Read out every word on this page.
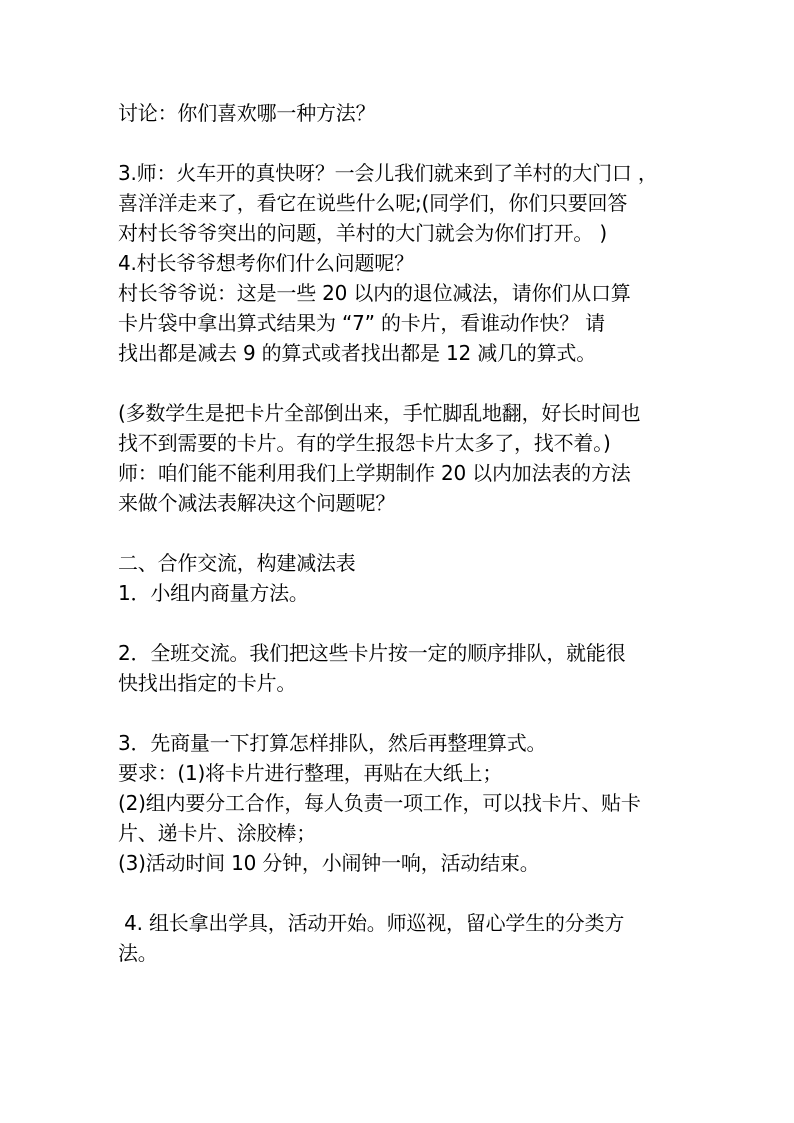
讨论：你们喜欢哪一种方法？
3.师：火车开的真快呀？一会儿我们就来到了羊村的大门口 ，
喜洋洋走来了，看它在说些什么呢;(同学们，你们只要回答
对村长爷爷突出的问题，羊村的大门就会为你们打开。 )
4.村长爷爷想考你们什么问题呢？
村长爷爷说：这是一些 20 以内的退位减法，请你们从口算
卡片袋中拿出算式结果为 “7” 的卡片，看谁动作快？ 请
找出都是减去 9 的算式或者找出都是 12 减几的算式。
(多数学生是把卡片全部倒出来，手忙脚乱地翻，好长时间也
找不到需要的卡片。有的学生报怨卡片太多了，找不着。)
师：咱们能不能利用我们上学期制作 20 以内加法表的方法
来做个减法表解决这个问题呢？
二、合作交流，构建减法表
1．小组内商量方法。
2．全班交流。我们把这些卡片按一定的顺序排队，就能很
快找出指定的卡片。
3．先商量一下打算怎样排队，然后再整理算式。
要求：(1)将卡片进行整理，再贴在大纸上；
(2)组内要分工合作，每人负责一项工作，可以找卡片、贴卡
片、递卡片、涂胶棒；
(3)活动时间 10 分钟，小闹钟一响，活动结束。
4. 组长拿出学具，活动开始。师巡视，留心学生的分类方
法。
